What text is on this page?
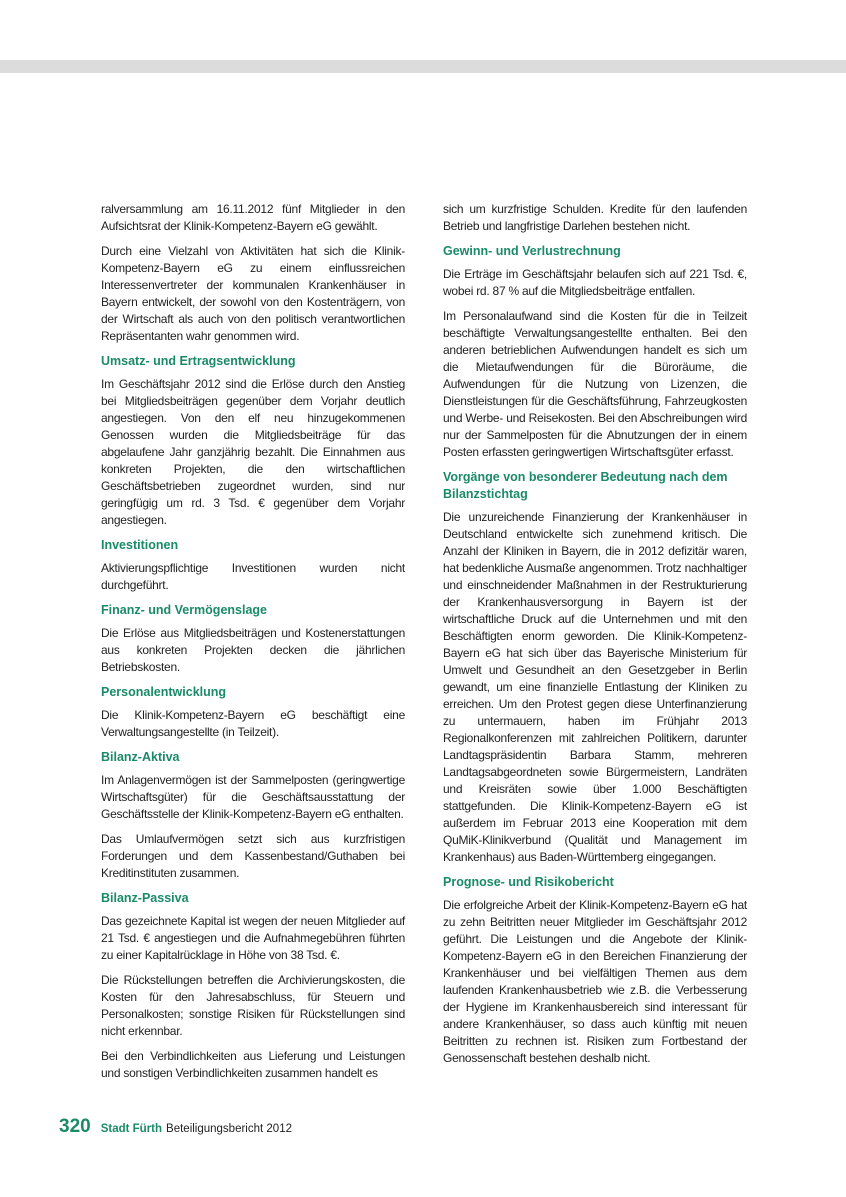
ralversammlung am 16.11.2012 fünf Mitglieder in den Aufsichtsrat der Klinik-Kompetenz-Bayern eG gewählt.

Durch eine Vielzahl von Aktivitäten hat sich die Klinik-Kompetenz-Bayern eG zu einem einflussreichen Interessenvertreter der kommunalen Krankenhäuser in Bayern entwickelt, der sowohl von den Kostenträgern, von der Wirtschaft als auch von den politisch verantwortlichen Repräsentanten wahr genommen wird.

Umsatz- und Ertragsentwicklung

Im Geschäftsjahr 2012 sind die Erlöse durch den Anstieg bei Mitgliedsbeiträgen gegenüber dem Vorjahr deutlich angestiegen. Von den elf neu hinzugekommenen Genossen wurden die Mitgliedsbeiträge für das abgelaufene Jahr ganzjährig bezahlt. Die Einnahmen aus konkreten Projekten, die den wirtschaftlichen Geschäftsbetrieben zugeordnet wurden, sind nur geringfügig um rd. 3 Tsd. € gegenüber dem Vorjahr angestiegen.

Investitionen

Aktivierungspflichtige Investitionen wurden nicht durchgeführt.

Finanz- und Vermögenslage

Die Erlöse aus Mitgliedsbeiträgen und Kostenerstattungen aus konkreten Projekten decken die jährlichen Betriebskosten.

Personalentwicklung

Die Klinik-Kompetenz-Bayern eG beschäftigt eine Verwaltungsangestellte (in Teilzeit).

Bilanz-Aktiva

Im Anlagenvermögen ist der Sammelposten (geringwertige Wirtschaftsgüter) für die Geschäftsausstattung der Geschäftsstelle der Klinik-Kompetenz-Bayern eG enthalten.

Das Umlaufvermögen setzt sich aus kurzfristigen Forderungen und dem Kassenbestand/Guthaben bei Kreditinstituten zusammen.

Bilanz-Passiva

Das gezeichnete Kapital ist wegen der neuen Mitglieder auf 21 Tsd. € angestiegen und die Aufnahmegebühren führten zu einer Kapitalrücklage in Höhe von 38 Tsd. €.

Die Rückstellungen betreffen die Archivierungskosten, die Kosten für den Jahresabschluss, für Steuern und Personalkosten; sonstige Risiken für Rückstellungen sind nicht erkennbar.

Bei den Verbindlichkeiten aus Lieferung und Leistungen und sonstigen Verbindlichkeiten zusammen handelt es

sich um kurzfristige Schulden. Kredite für den laufenden Betrieb und langfristige Darlehen bestehen nicht.

Gewinn- und Verlustrechnung

Die Erträge im Geschäftsjahr belaufen sich auf 221 Tsd. €, wobei rd. 87 % auf die Mitgliedsbeiträge entfallen.

Im Personalaufwand sind die Kosten für die in Teilzeit beschäftigte Verwaltungsangestellte enthalten. Bei den anderen betrieblichen Aufwendungen handelt es sich um die Mietaufwendungen für die Büroräume, die Aufwendungen für die Nutzung von Lizenzen, die Dienstleistungen für die Geschäftsführung, Fahrzeugkosten und Werbe- und Reisekosten. Bei den Abschreibungen wird nur der Sammelposten für die Abnutzungen der in einem Posten erfassten geringwertigen Wirtschaftsgüter erfasst.

Vorgänge von besonderer Bedeutung nach dem Bilanzstichtag

Die unzureichende Finanzierung der Krankenhäuser in Deutschland entwickelte sich zunehmend kritisch. Die Anzahl der Kliniken in Bayern, die in 2012 defizitär waren, hat bedenkliche Ausmaße angenommen. Trotz nachhaltiger und einschneidender Maßnahmen in der Restrukturierung der Krankenhausversorgung in Bayern ist der wirtschaftliche Druck auf die Unternehmen und mit den Beschäftigten enorm geworden. Die Klinik-Kompetenz-Bayern eG hat sich über das Bayerische Ministerium für Umwelt und Gesundheit an den Gesetzgeber in Berlin gewandt, um eine finanzielle Entlastung der Kliniken zu erreichen. Um den Protest gegen diese Unterfinanzierung zu untermauern, haben im Frühjahr 2013 Regionalkonferenzen mit zahlreichen Politikern, darunter Landtagspräsidentin Barbara Stamm, mehreren Landtagsabgeordneten sowie Bürgermeistern, Landräten und Kreisräten sowie über 1.000 Beschäftigten stattgefunden. Die Klinik-Kompetenz-Bayern eG ist außerdem im Februar 2013 eine Kooperation mit dem QuMiK-Klinikverbund (Qualität und Management im Krankenhaus) aus Baden-Württemberg eingegangen.

Prognose- und Risikobericht

Die erfolgreiche Arbeit der Klinik-Kompetenz-Bayern eG hat zu zehn Beitritten neuer Mitglieder im Geschäftsjahr 2012 geführt. Die Leistungen und die Angebote der Klinik-Kompetenz-Bayern eG in den Bereichen Finanzierung der Krankenhäuser und bei vielfältigen Themen aus dem laufenden Krankenhausbetrieb wie z.B. die Verbesserung der Hygiene im Krankenhausbereich sind interessant für andere Krankenhäuser, so dass auch künftig mit neuen Beitritten zu rechnen ist. Risiken zum Fortbestand der Genossenschaft bestehen deshalb nicht.

320 Stadt Fürth Beteiligungsbericht 2012
